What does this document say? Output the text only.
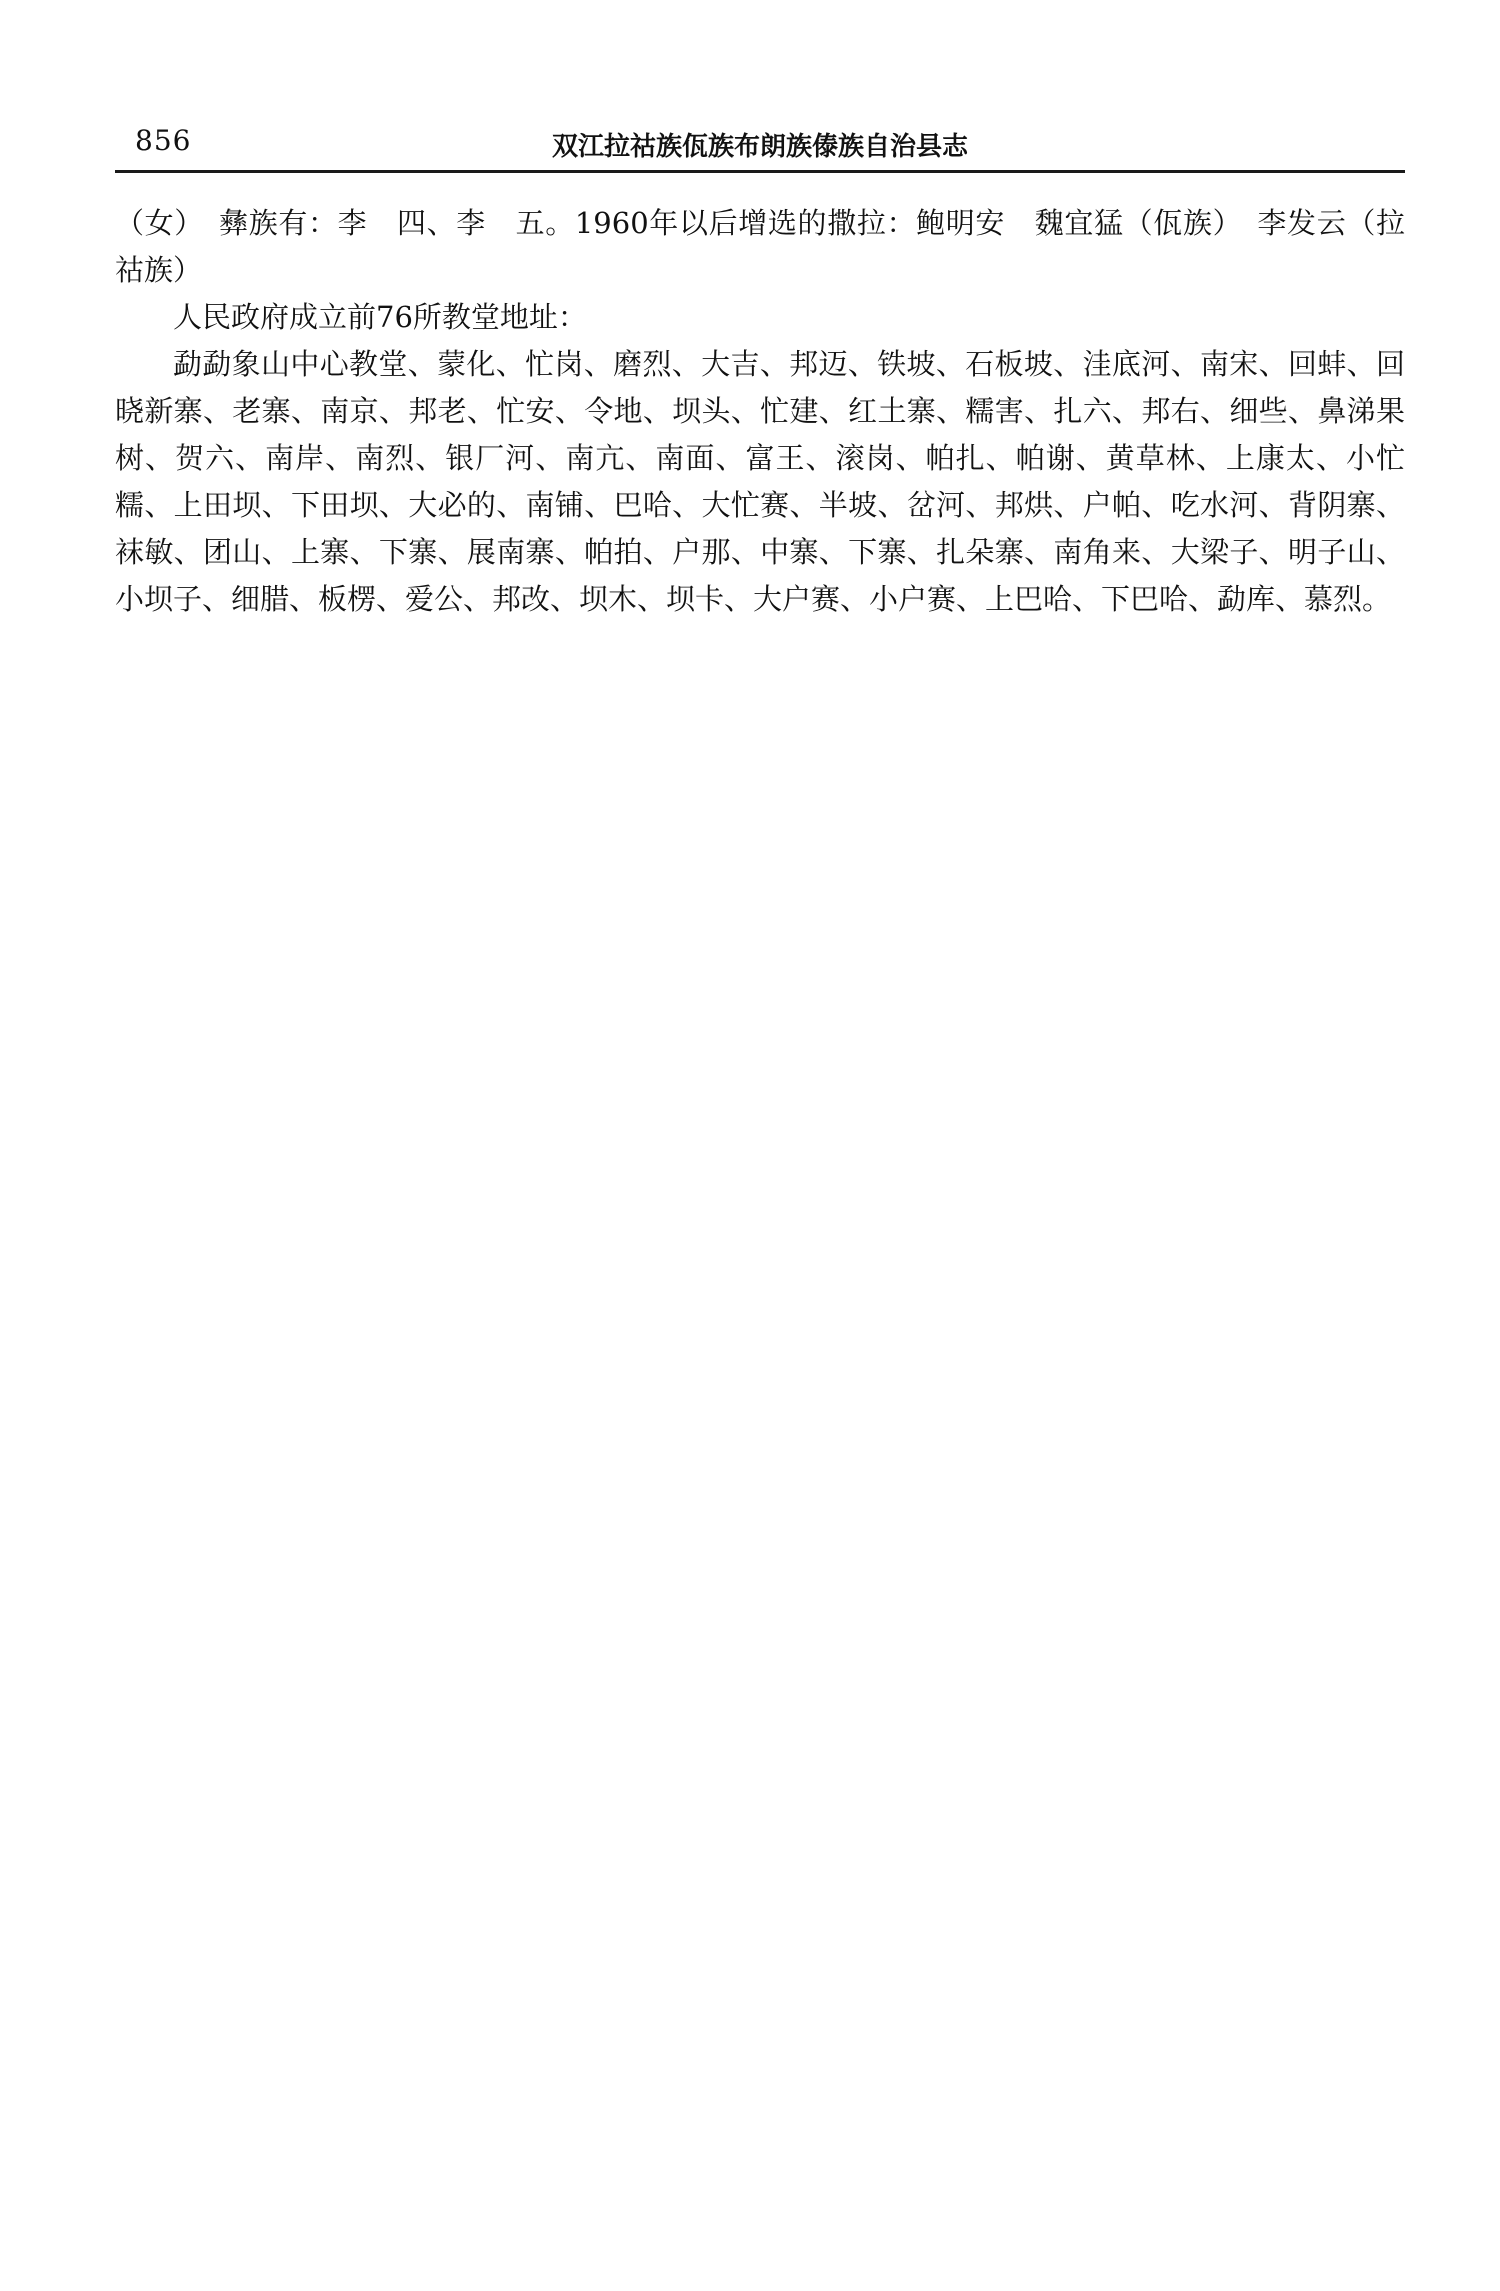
856	双江拉祜族佤族布朗族傣族自治县志

（女）　彝族有：李　四、李　五。1960年以后增选的撒拉：鲍明安　魏宜猛（佤族）　李发云（拉祜族）

人民政府成立前76所教堂地址：

勐勐象山中心教堂、蒙化、忙岗、磨烈、大吉、邦迈、铁坡、石板坡、洼底河、南宋、回蚌、回晓新寨、老寨、南京、邦老、忙安、令地、坝头、忙建、红土寨、糯害、扎六、邦右、细些、鼻涕果树、贺六、南岸、南烈、银厂河、南亢、南面、富王、滚岗、帕扎、帕谢、黄草林、上康太、小忙糯、上田坝、下田坝、大必的、南铺、巴哈、大忙赛、半坡、岔河、邦烘、户帕、吃水河、背阴寨、袜敏、团山、上寨、下寨、展南寨、帕拍、户那、中寨、下寨、扎朵寨、南角来、大梁子、明子山、小坝子、细腊、板楞、爱公、邦改、坝木、坝卡、大户赛、小户赛、上巴哈、下巴哈、勐库、慕烈。
